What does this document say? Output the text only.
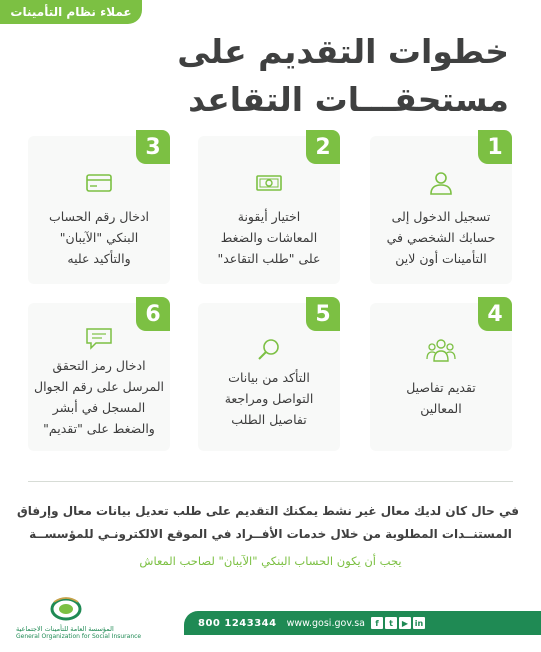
عملاء نظام التأمينات
خطوات التقديم على
مستحقـــات التقاعد
1
تسجيل الدخول إلى
حسابك الشخصي في
التأمينات أون لاين
2
اختيار أيقونة
المعاشات والضغط
على "طلب التقاعد"
3
ادخال رقم الحساب
البنكي "الآيبان"
والتأكيد عليه
4
تقديم تفاصيل
المعالين
5
التأكد من بيانات
التواصل ومراجعة
تفاصيل الطلب
6
ادخال رمز التحقق
المرسل على رقم الجوال
المسجل في أبشر
والضغط على "تقديم"
في حال كان لديك معال غير نشط يمكنك التقديم على طلب تعديل بيانات معال وإرفاق
المستنــدات المطلوبة من خلال خدمات الأفــراد في الموقع الالكترونـي للمؤسســة
يجب أن يكون الحساب البنكي "الآيبان" لصاحب المعاش
المؤسسة العامة للتأمينات الاجتماعية
General Organization for Social Insurance
800 1243344 www.gosi.gov.sa	f	t	▶ in
